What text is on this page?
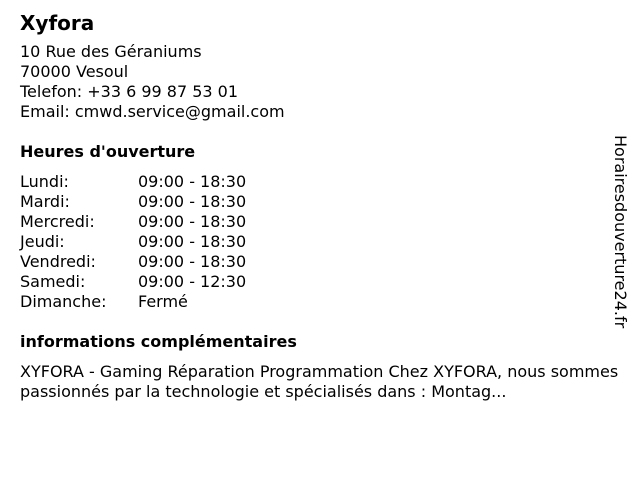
Xyfora
10 Rue des Géraniums
70000 Vesoul
Telefon: +33 6 99 87 53 01
Email: cmwd.service@gmail.com
Heures d'ouverture
Lundi:	09:00 - 18:30
Mardi:	09:00 - 18:30
Mercredi:	09:00 - 18:30
Jeudi:	09:00 - 18:30
Vendredi:	09:00 - 18:30
Samedi:	09:00 - 12:30
Dimanche:	Fermé
informations complémentaires
XYFORA - Gaming Réparation Programmation Chez XYFORA, nous sommes passionnés par la technologie et spécialisés dans : Montag...
Horairesdouverture24.fr
